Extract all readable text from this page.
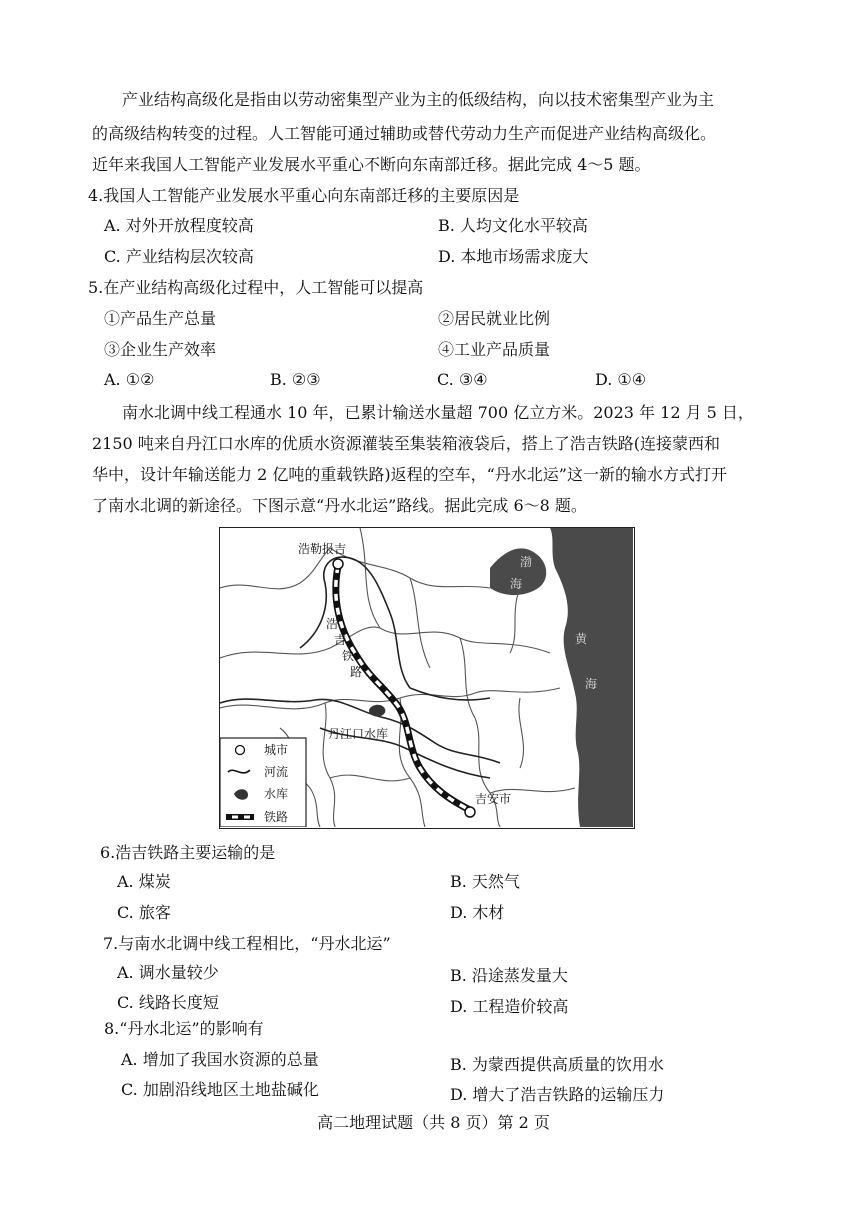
产业结构高级化是指由以劳动密集型产业为主的低级结构，向以技术密集型产业为主
的高级结构转变的过程。人工智能可通过辅助或替代劳动力生产而促进产业结构高级化。
近年来我国人工智能产业发展水平重心不断向东南部迁移。据此完成 4～5 题。
4.我国人工智能产业发展水平重心向东南部迁移的主要原因是
A. 对外开放程度较高	B. 人均文化水平较高
C. 产业结构层次较高	D. 本地市场需求庞大
5.在产业结构高级化过程中，人工智能可以提高
①产品生产总量	②居民就业比例
③企业生产效率	④工业产品质量
A. ①②	B. ②③	C. ③④	D. ①④
南水北调中线工程通水 10 年，已累计输送水量超 700 亿立方米。2023 年 12 月 5 日，
2150 吨来自丹江口水库的优质水资源灌装至集装箱液袋后，搭上了浩吉铁路(连接蒙西和
华中，设计年输送能力 2 亿吨的重载铁路)返程的空车，“丹水北运”这一新的输水方式打开
了南水北调的新途径。下图示意“丹水北运”路线。据此完成 6～8 题。
浩勒报吉
吉安市
丹江口水库
浩
吉
铁
路
渤
海
黄
海
城市
河流
水库
铁路
6.浩吉铁路主要运输的是
A. 煤炭	B. 天然气
C. 旅客	D. 木材
7.与南水北调中线工程相比，“丹水北运”
A. 调水量较少	B. 沿途蒸发量大
C. 线路长度短	D. 工程造价较高
8.“丹水北运”的影响有
A. 增加了我国水资源的总量	B. 为蒙西提供高质量的饮用水
C. 加剧沿线地区土地盐碱化	D. 增大了浩吉铁路的运输压力
高二地理试题（共 8 页）第 2 页
